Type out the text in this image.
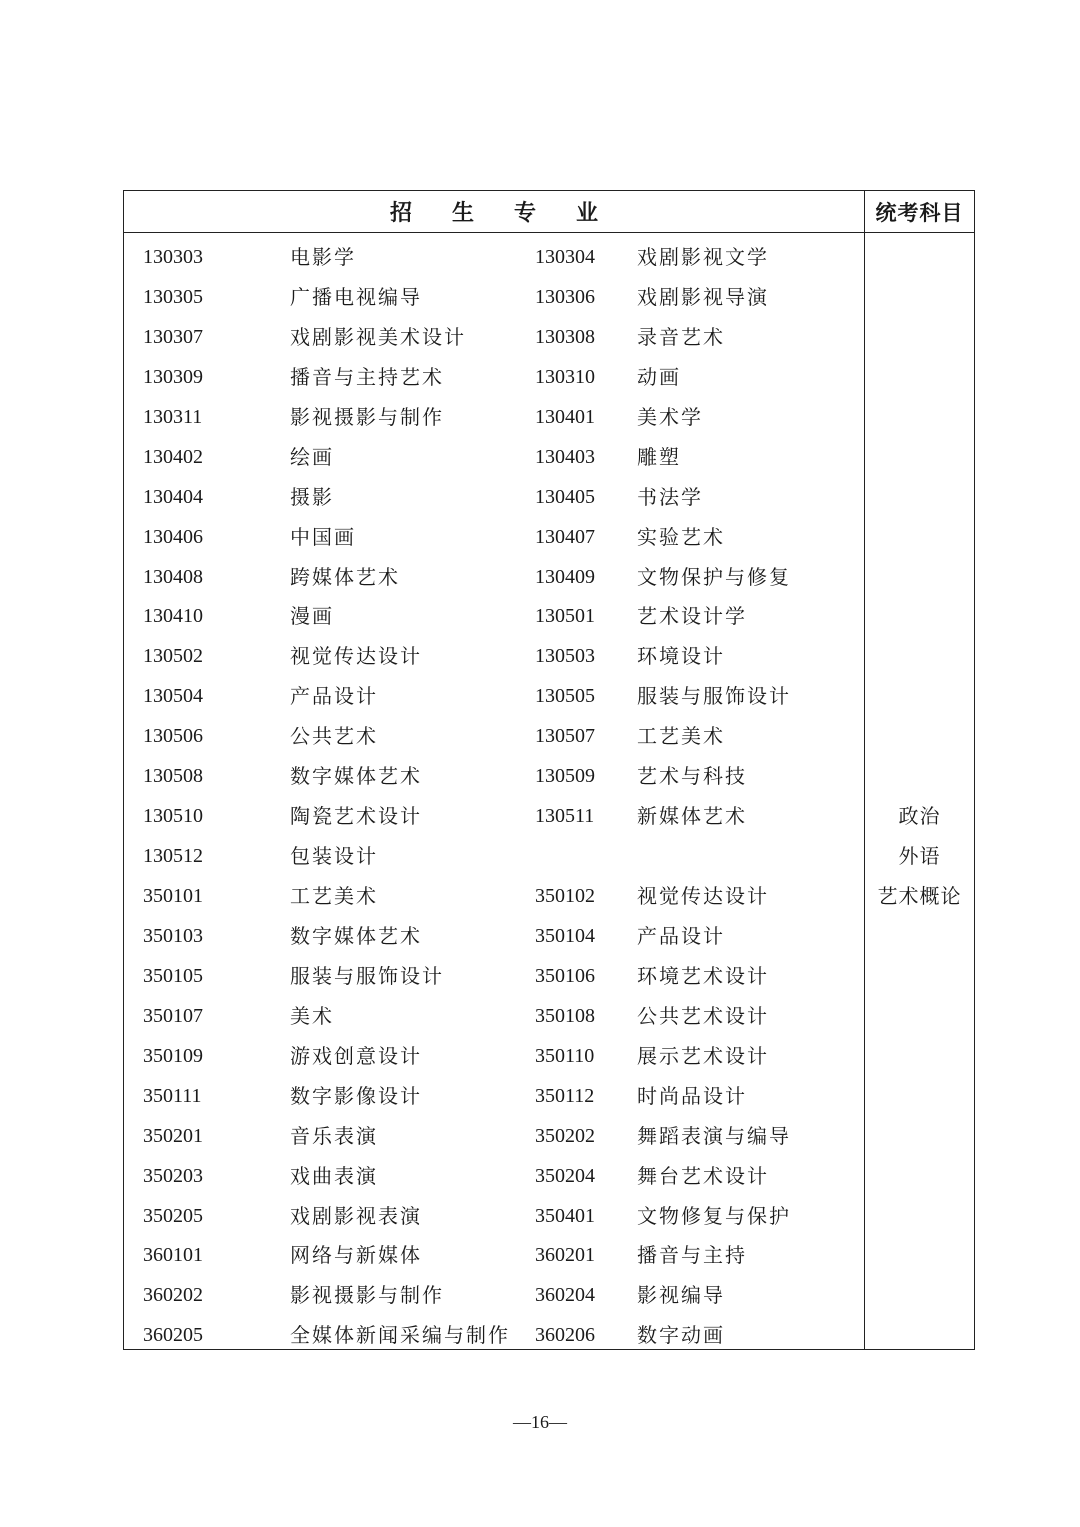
招生专业	统考科目
130303	电影学	130304 戏剧影视文学
130305	广播电视编导	130306 戏剧影视导演
130307	戏剧影视美术设计	130308 录音艺术
130309	播音与主持艺术	130310 动画
130311	影视摄影与制作	130401 美术学
130402	绘画	130403 雕塑
130404	摄影	130405 书法学
130406	中国画	130407 实验艺术
130408	跨媒体艺术	130409 文物保护与修复
130410	漫画	130501 艺术设计学
130502	视觉传达设计	130503 环境设计
130504	产品设计	130505 服装与服饰设计
130506	公共艺术	130507 工艺美术
130508	数字媒体艺术	130509 艺术与科技
130510	陶瓷艺术设计	130511 新媒体艺术
130512	包装设计
350101	工艺美术	350102 视觉传达设计
350103	数字媒体艺术	350104 产品设计
350105	服装与服饰设计	350106 环境艺术设计
350107	美术	350108 公共艺术设计
350109	游戏创意设计	350110 展示艺术设计
350111	数字影像设计	350112 时尚品设计
350201	音乐表演	350202 舞蹈表演与编导
350203	戏曲表演	350204 舞台艺术设计
350205	戏剧影视表演	350401 文物修复与保护
360101	网络与新媒体	360201 播音与主持
360202	影视摄影与制作	360204 影视编导
360205	全媒体新闻采编与制作 360206 数字动画
政治
外语
艺术概论
—16—
